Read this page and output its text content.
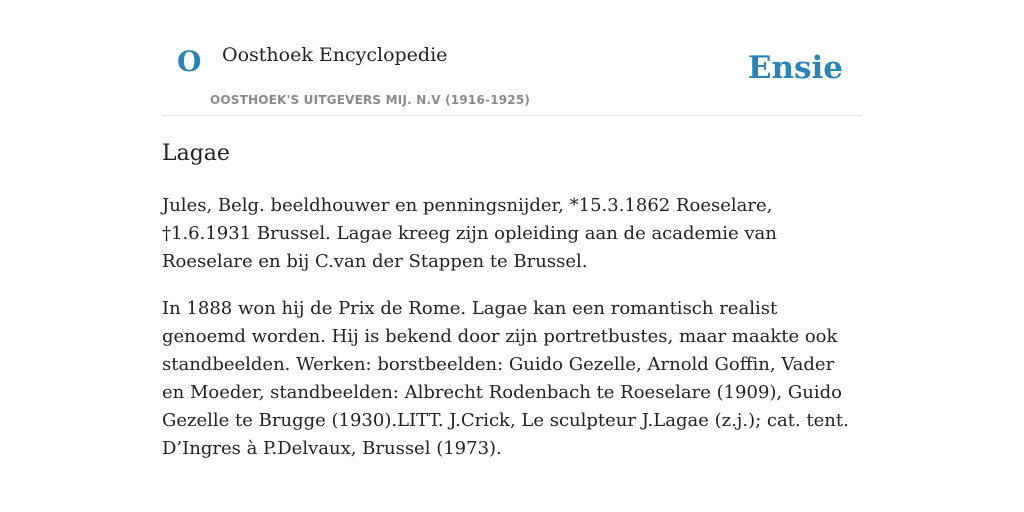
O Oosthoek Encyclopedie
OOSTHOEK'S UITGEVERS MIJ. N.V (1916-1925)
Ensie
Lagae

Jules, Belg. beeldhouwer en penningsnijder, *15.3.1862 Roeselare, †1.6.1931 Brussel. Lagae kreeg zijn opleiding aan de academie van Roeselare en bij C.van der Stappen te Brussel.

In 1888 won hij de Prix de Rome. Lagae kan een romantisch realist genoemd worden. Hij is bekend door zijn portretbustes, maar maakte ook standbeelden. Werken: borstbeelden: Guido Gezelle, Arnold Goffin, Vader en Moeder, standbeelden: Albrecht Rodenbach te Roeselare (1909), Guido Gezelle te Brugge (1930).LITT. J.Crick, Le sculpteur J.Lagae (z.j.); cat. tent. D’Ingres à P.Delvaux, Brussel (1973).
